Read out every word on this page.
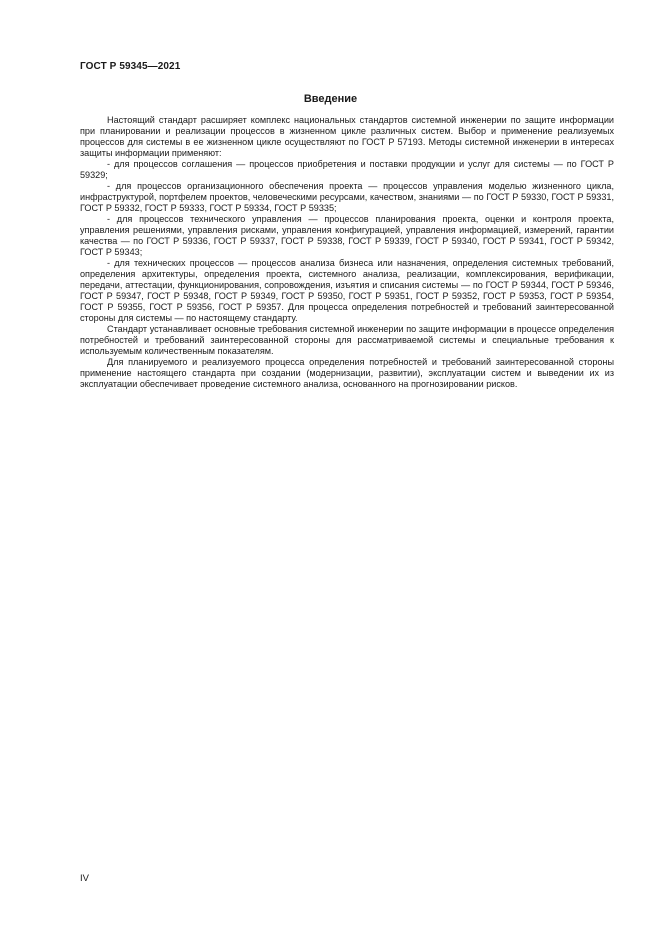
ГОСТ Р 59345—2021
Введение

Настоящий стандарт расширяет комплекс национальных стандартов системной инженерии по защите информации при планировании и реализации процессов в жизненном цикле различных систем. Выбор и применение реализуемых процессов для системы в ее жизненном цикле осуществляют по ГОСТ Р 57193. Методы системной инженерии в интересах защиты информации применяют:

- для процессов соглашения — процессов приобретения и поставки продукции и услуг для системы — по ГОСТ Р 59329;

- для процессов организационного обеспечения проекта — процессов управления моделью жизненного цикла, инфраструктурой, портфелем проектов, человеческими ресурсами, качеством, знаниями — по ГОСТ Р 59330, ГОСТ Р 59331, ГОСТ Р 59332, ГОСТ Р 59333, ГОСТ Р 59334, ГОСТ Р 59335;

- для процессов технического управления — процессов планирования проекта, оценки и контроля проекта, управления решениями, управления рисками, управления конфигурацией, управления информацией, измерений, гарантии качества — по ГОСТ Р 59336, ГОСТ Р 59337, ГОСТ Р 59338, ГОСТ Р 59339, ГОСТ Р 59340, ГОСТ Р 59341, ГОСТ Р 59342, ГОСТ Р 59343;

- для технических процессов — процессов анализа бизнеса или назначения, определения системных требований, определения архитектуры, определения проекта, системного анализа, реализации, комплексирования, верификации, передачи, аттестации, функционирования, сопровождения, изъятия и списания системы — по ГОСТ Р 59344, ГОСТ Р 59346, ГОСТ Р 59347, ГОСТ Р 59348, ГОСТ Р 59349, ГОСТ Р 59350, ГОСТ Р 59351, ГОСТ Р 59352, ГОСТ Р 59353, ГОСТ Р 59354, ГОСТ Р 59355, ГОСТ Р 59356, ГОСТ Р 59357. Для процесса определения потребностей и требований заинтересованной стороны для системы — по настоящему стандарту.

Стандарт устанавливает основные требования системной инженерии по защите информации в процессе определения потребностей и требований заинтересованной стороны для рассматриваемой системы и специальные требования к используемым количественным показателям.

Для планируемого и реализуемого процесса определения потребностей и требований заинтересованной стороны применение настоящего стандарта при создании (модернизации, развитии), эксплуатации систем и выведении их из эксплуатации обеспечивает проведение системного анализа, основанного на прогнозировании рисков.

IV
